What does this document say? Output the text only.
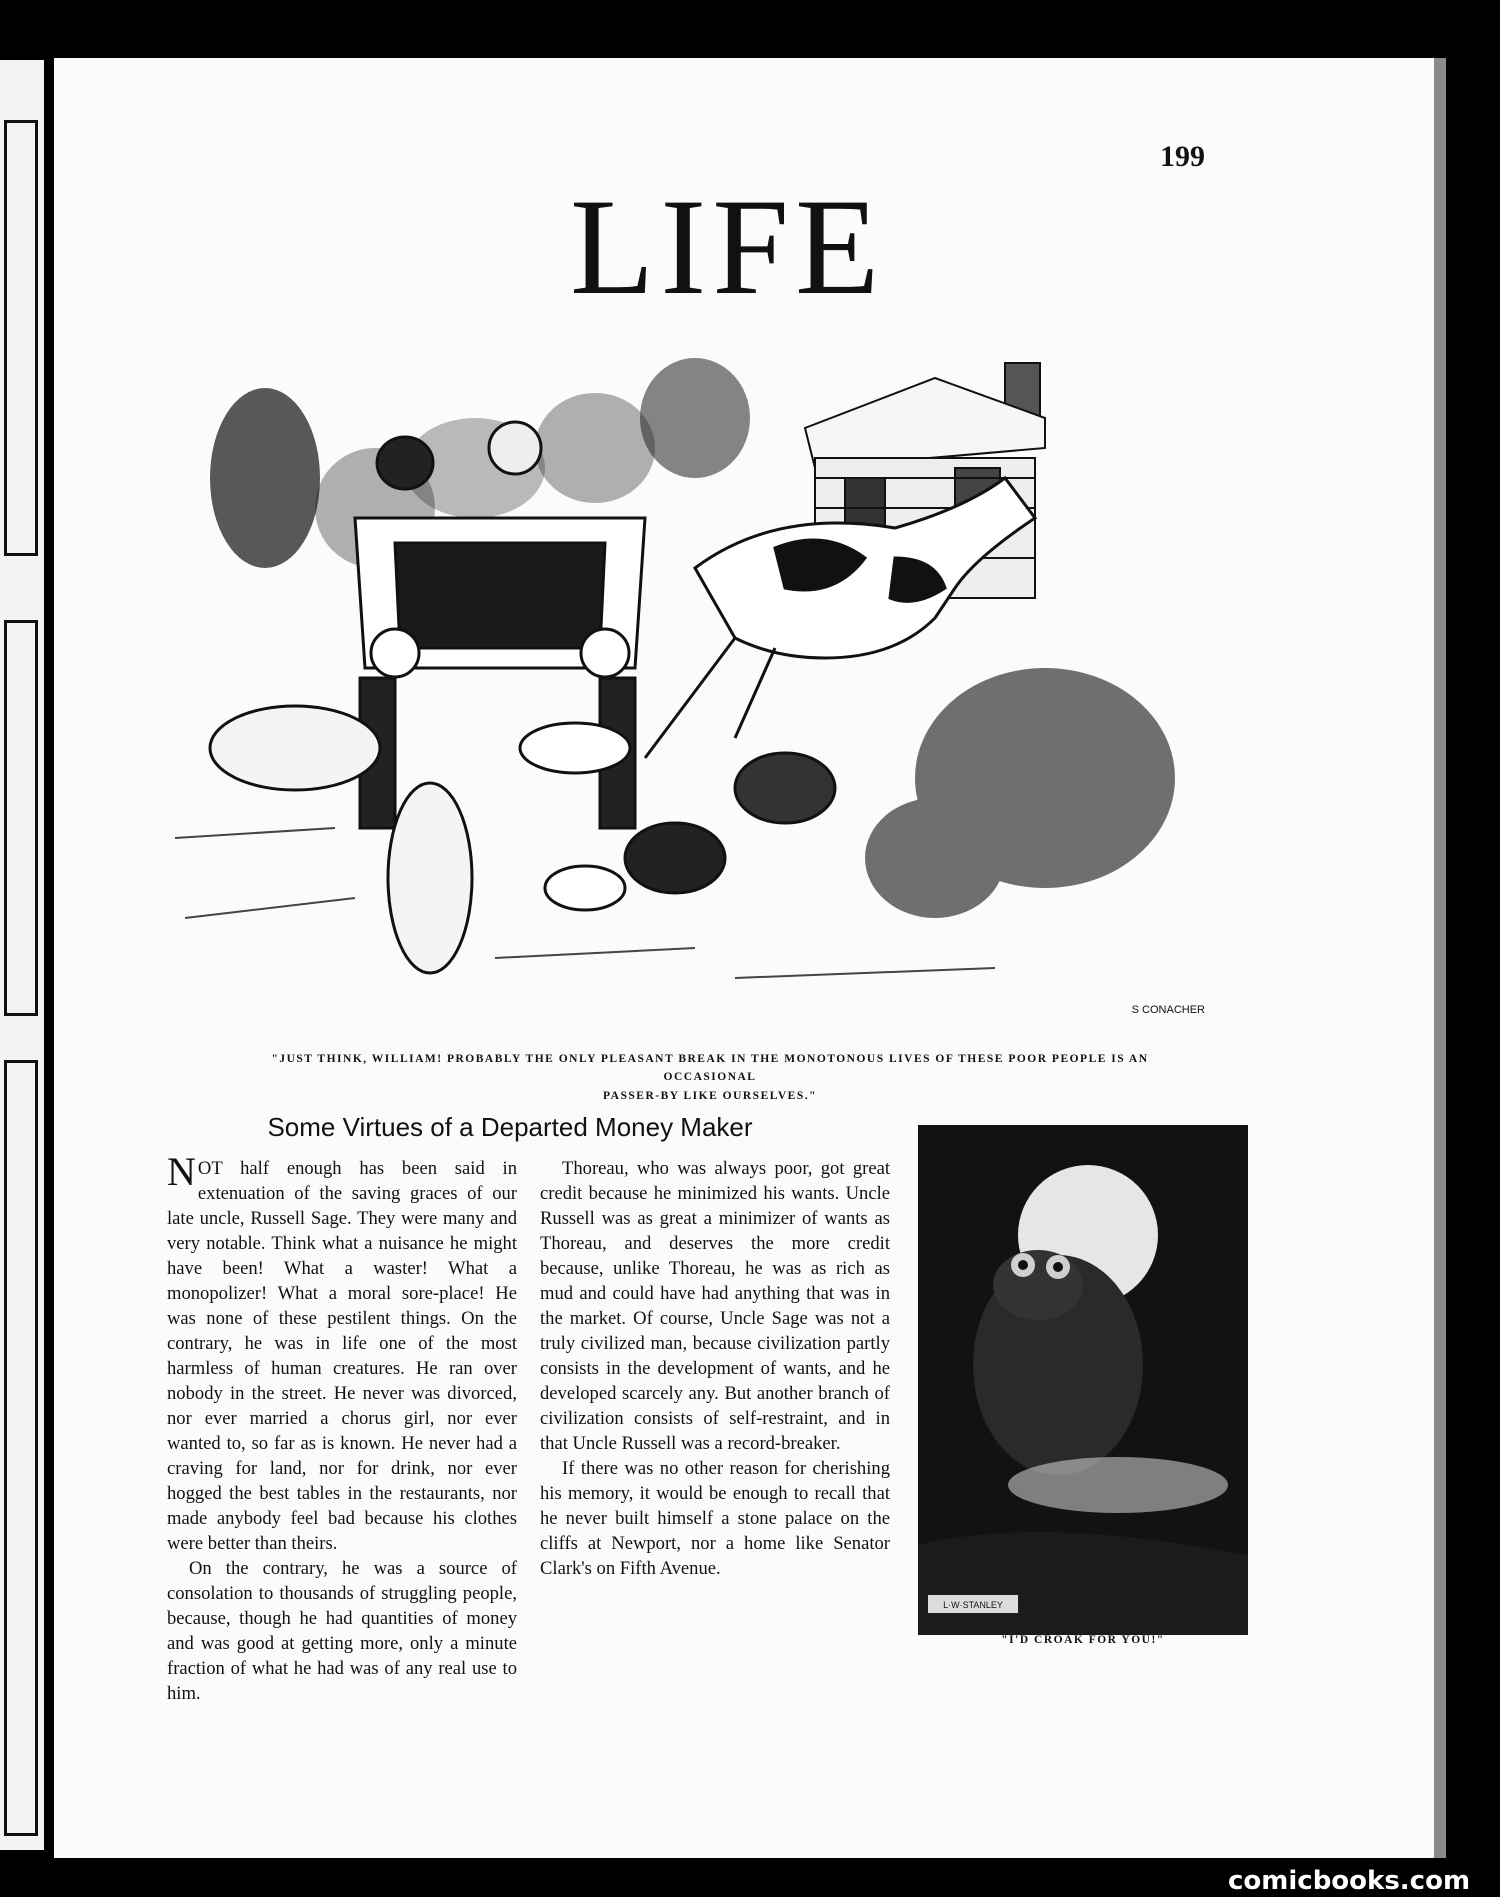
199
LIFE
S CONACHER
"JUST THINK, WILLIAM! PROBABLY THE ONLY PLEASANT BREAK IN THE MONOTONOUS LIVES OF THESE POOR PEOPLE IS AN OCCASIONAL
PASSER-BY LIKE OURSELVES."
Some Virtues of a Departed Money Maker

NOT half enough has been said in extenuation of the saving graces of our late uncle, Russell Sage. They were many and very notable. Think what a nuisance he might have been! What a waster! What a monopolizer! What a moral sore-place! He was none of these pestilent things. On the contrary, he was in life one of the most harmless of human creatures. He ran over nobody in the street. He never was divorced, nor ever married a chorus girl, nor ever wanted to, so far as is known. He never had a craving for land, nor for drink, nor ever hogged the best tables in the restaurants, nor made anybody feel bad because his clothes were better than theirs.

On the contrary, he was a source of consolation to thousands of struggling people, because, though he had quantities of money and was good at getting more, only a minute fraction of what he had was of any real use to him.

Thoreau, who was always poor, got great credit because he minimized his wants. Uncle Russell was as great a minimizer of wants as Thoreau, and deserves the more credit because, unlike Thoreau, he was as rich as mud and could have had anything that was in the market. Of course, Uncle Sage was not a truly civilized man, because civilization partly consists in the development of wants, and he developed scarcely any. But another branch of civilization consists of self-restraint, and in that Uncle Russell was a record-breaker.

If there was no other reason for cherishing his memory, it would be enough to recall that he never built himself a stone palace on the cliffs at Newport, nor a home like Senator Clark's on Fifth Avenue.

L·W·STANLEY
"I'D CROAK FOR YOU!"
comicbooks.com
